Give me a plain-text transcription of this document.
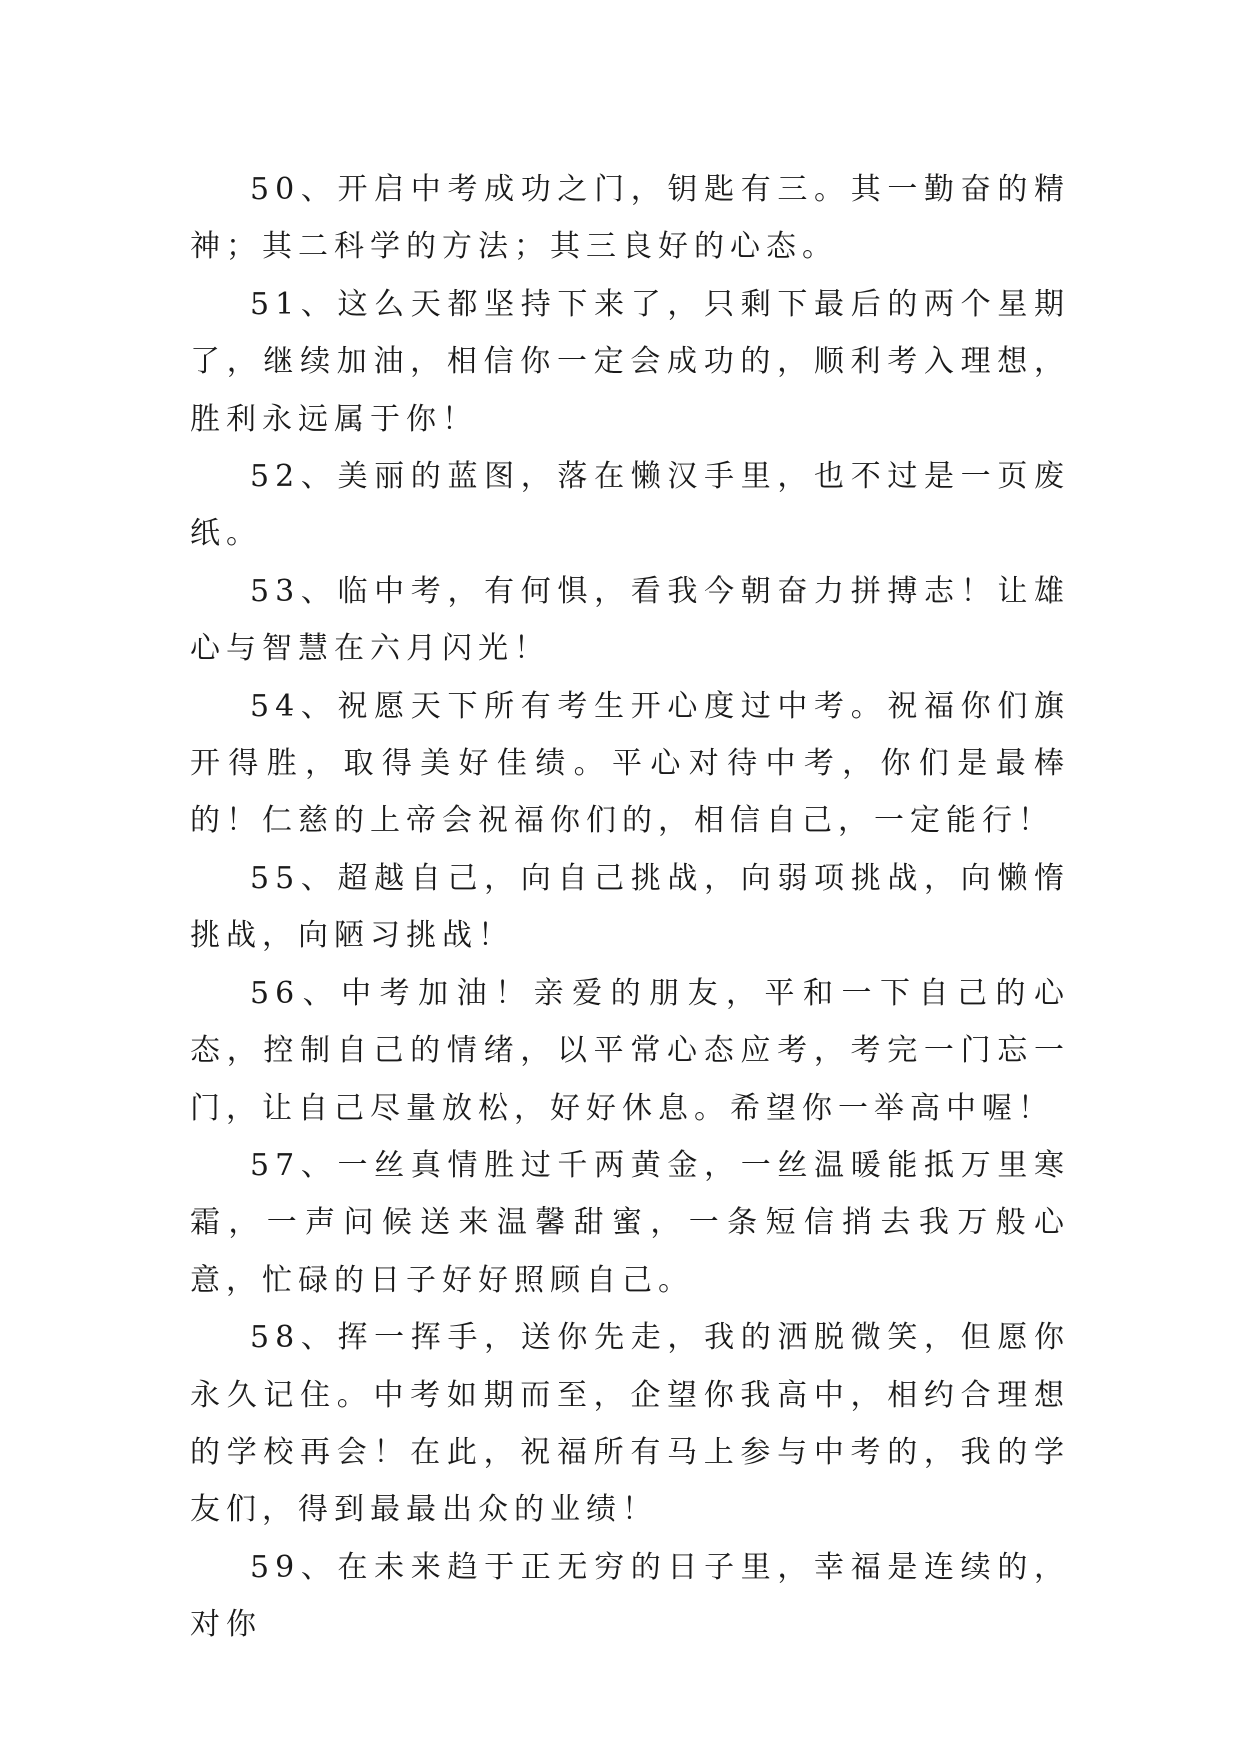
50、开启中考成功之门，钥匙有三。其一勤奋的精神；其二科学的方法；其三良好的心态。

51、这么天都坚持下来了，只剩下最后的两个星期了，继续加油，相信你一定会成功的，顺利考入理想，胜利永远属于你！

52、美丽的蓝图，落在懒汉手里，也不过是一页废纸。

53、临中考，有何惧，看我今朝奋力拼搏志！让雄心与智慧在六月闪光！

54、祝愿天下所有考生开心度过中考。祝福你们旗开得胜，取得美好佳绩。平心对待中考，你们是最棒的！仁慈的上帝会祝福你们的，相信自己，一定能行！

55、超越自己，向自己挑战，向弱项挑战，向懒惰挑战，向陋习挑战！

56、中考加油！亲爱的朋友，平和一下自己的心态，控制自己的情绪，以平常心态应考，考完一门忘一门，让自己尽量放松，好好休息。希望你一举高中喔！

57、一丝真情胜过千两黄金，一丝温暖能抵万里寒霜，一声问候送来温馨甜蜜，一条短信捎去我万般心意，忙碌的日子好好照顾自己。

58、挥一挥手，送你先走，我的洒脱微笑，但愿你永久记住。中考如期而至，企望你我高中，相约合理想的学校再会！在此，祝福所有马上参与中考的，我的学友们，得到最最出众的业绩！

59、在未来趋于正无穷的日子里，幸福是连续的，对你
